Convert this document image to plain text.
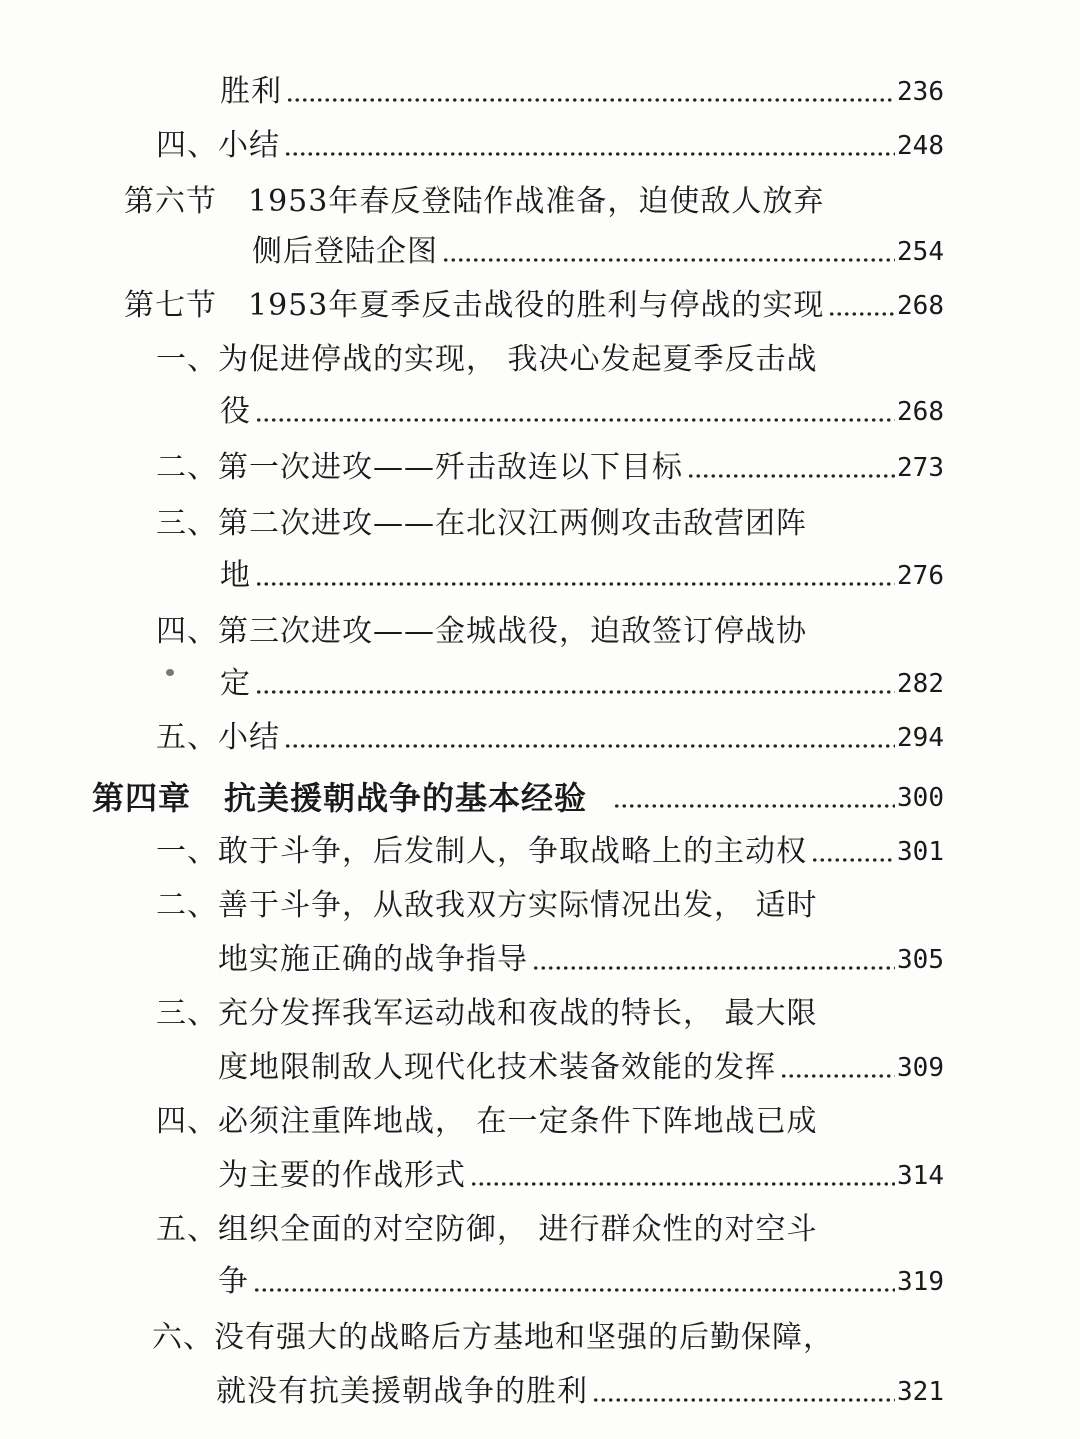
胜利	236
四、小结	248
第六节　1953年春反登陆作战准备，迫使敌人放弃
侧后登陆企图	254
第七节　1953年夏季反击战役的胜利与停战的实现	268
一、为促进停战的实现， 我决心发起夏季反击战
役	268
二、第一次进攻——歼击敌连以下目标	273
三、第二次进攻——在北汉江两侧攻击敌营团阵
地	276
四、第三次进攻——金城战役，迫敌签订停战协
定	282
五、小结	294
第四章　抗美援朝战争的基本经验	300
一、敢于斗争，后发制人，争取战略上的主动权	301
二、善于斗争，从敌我双方实际情况出发， 适时
地实施正确的战争指导	305
三、充分发挥我军运动战和夜战的特长， 最大限
度地限制敌人现代化技术装备效能的发挥	309
四、必须注重阵地战， 在一定条件下阵地战已成
为主要的作战形式	314
五、组织全面的对空防御， 进行群众性的对空斗
争	319
六、没有强大的战略后方基地和坚强的后勤保障，
就没有抗美援朝战争的胜利	321
